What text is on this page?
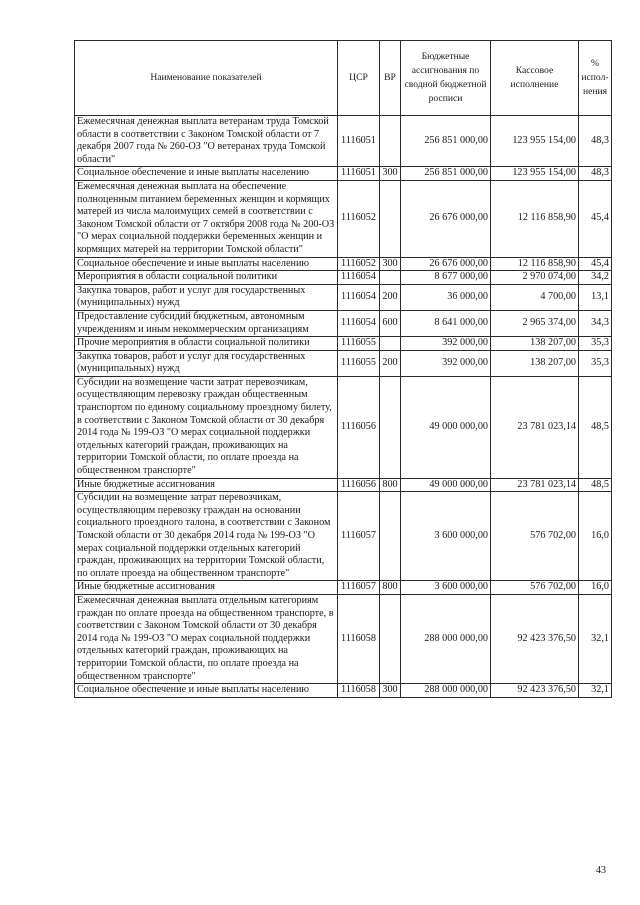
Наименование показателей	ЦСР	ВР	Бюджетные ассигнования по сводной бюджетной росписи	Кассовое исполнение	% испол-нения
Ежемесячная денежная выплата ветеранам труда Томской области в соответствии с Законом Томской области от 7 декабря 2007 года № 260-ОЗ "О ветеранах труда Томской области"	1116051		256 851 000,00	123 955 154,00	48,3
Социальное обеспечение и иные выплаты населению	1116051	300	256 851 000,00	123 955 154,00	48,3
Ежемесячная денежная выплата на обеспечение полноценным питанием беременных женщин и кормящих матерей из числа малоимущих семей в соответствии с Законом Томской области от 7 октября 2008 года № 200-ОЗ "О мерах социальной поддержки беременных женщин и кормящих матерей на территории Томской области"	1116052		26 676 000,00	12 116 858,90	45,4
Социальное обеспечение и иные выплаты населению	1116052	300	26 676 000,00	12 116 858,90	45,4
Мероприятия в области социальной политики	1116054		8 677 000,00	2 970 074,00	34,2
Закупка товаров, работ и услуг для государственных (муниципальных) нужд	1116054	200	36 000,00	4 700,00	13,1
Предоставление субсидий бюджетным, автономным учреждениям и иным некоммерческим организациям	1116054	600	8 641 000,00	2 965 374,00	34,3
Прочие мероприятия в области социальной политики	1116055		392 000,00	138 207,00	35,3
Закупка товаров, работ и услуг для государственных (муниципальных) нужд	1116055	200	392 000,00	138 207,00	35,3
Субсидии на возмещение части затрат перевозчикам, осуществляющим перевозку граждан общественным транспортом по единому социальному проездному билету, в соответствии с Законом Томской области от 30 декабря 2014 года № 199-ОЗ "О мерах социальной поддержки отдельных категорий граждан, проживающих на территории Томской области, по оплате проезда на общественном транспорте"	1116056		49 000 000,00	23 781 023,14	48,5
Иные бюджетные ассигнования	1116056	800	49 000 000,00	23 781 023,14	48,5
Субсидии на возмещение затрат перевозчикам, осуществляющим перевозку граждан на основании социального проездного талона, в соответствии с Законом Томской области от 30 декабря 2014 года № 199-ОЗ "О мерах социальной поддержки отдельных категорий граждан, проживающих на территории Томской области, по оплате проезда на общественном транспорте"	1116057		3 600 000,00	576 702,00	16,0
Иные бюджетные ассигнования	1116057	800	3 600 000,00	576 702,00	16,0
Ежемесячная денежная выплата отдельным категориям граждан по оплате проезда на общественном транспорте, в соответствии с Законом Томской области от 30 декабря 2014 года № 199-ОЗ "О мерах социальной поддержки отдельных категорий граждан, проживающих на территории Томской области, по оплате проезда на общественном транспорте"	1116058		288 000 000,00	92 423 376,50	32,1
Социальное обеспечение и иные выплаты населению	1116058	300	288 000 000,00	92 423 376,50	32,1
43
